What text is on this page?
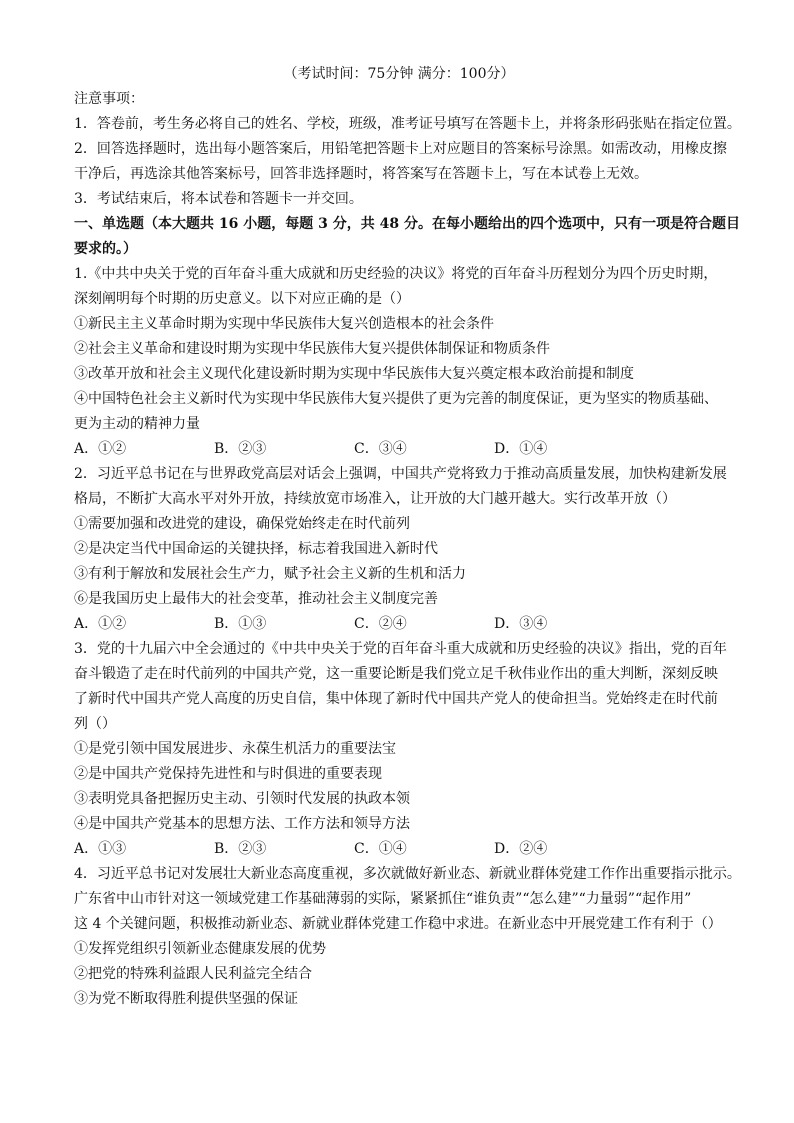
（考试时间：75分钟 满分：100分）
注意事项：
1．答卷前，考生务必将自己的姓名、学校，班级，准考证号填写在答题卡上，并将条形码张贴在指定位置。
2．回答选择题时，选出每小题答案后，用铅笔把答题卡上对应题目的答案标号涂黑。如需改动，用橡皮擦
干净后，再选涂其他答案标号，回答非选择题时，将答案写在答题卡上，写在本试卷上无效。
3．考试结束后，将本试卷和答题卡一并交回。
一、单选题（本大题共 16 小题，每题 3 分，共 48 分。在每小题给出的四个选项中，只有一项是符合题目
要求的。）
1.《中共中央关于党的百年奋斗重大成就和历史经验的决议》将党的百年奋斗历程划分为四个历史时期，
深刻阐明每个时期的历史意义。以下对应正确的是（）
①新民主主义革命时期为实现中华民族伟大复兴创造根本的社会条件
②社会主义革命和建设时期为实现中华民族伟大复兴提供体制保证和物质条件
③改革开放和社会主义现代化建设新时期为实现中华民族伟大复兴奠定根本政治前提和制度
④中国特色社会主义新时代为实现中华民族伟大复兴提供了更为完善的制度保证，更为坚实的物质基础、
更为主动的精神力量
A．①②	B．②③	C．③④	D．①④
2．习近平总书记在与世界政党高层对话会上强调，中国共产党将致力于推动高质量发展，加快构建新发展
格局，不断扩大高水平对外开放，持续放宽市场准入，让开放的大门越开越大。实行改革开放（）
①需要加强和改进党的建设，确保党始终走在时代前列
②是决定当代中国命运的关键抉择，标志着我国进入新时代
③有利于解放和发展社会生产力，赋予社会主义新的生机和活力
⑥是我国历史上最伟大的社会变革，推动社会主义制度完善
A．①②	B．①③	C．②④	D．③④
3．党的十九届六中全会通过的《中共中央关于党的百年奋斗重大成就和历史经验的决议》指出，党的百年
奋斗锻造了走在时代前列的中国共产党，这一重要论断是我们党立足千秋伟业作出的重大判断，深刻反映
了新时代中国共产党人高度的历史自信，集中体现了新时代中国共产党人的使命担当。党始终走在时代前
列（）
①是党引领中国发展进步、永葆生机活力的重要法宝
②是中国共产党保持先进性和与时俱进的重要表现
③表明党具备把握历史主动、引领时代发展的执政本领
④是中国共产党基本的思想方法、工作方法和领导方法
A．①③	B．②③	C．①④	D．②④
4．习近平总书记对发展壮大新业态高度重视，多次就做好新业态、新就业群体党建工作作出重要指示批示。
广东省中山市针对这一领域党建工作基础薄弱的实际，紧紧抓住“谁负责”“怎么建”“力量弱”“起作用”
这 4 个关键问题，积极推动新业态、新就业群体党建工作稳中求进。在新业态中开展党建工作有利于（）
①发挥党组织引领新业态健康发展的优势
②把党的特殊利益跟人民利益完全结合
③为党不断取得胜利提供坚强的保证
